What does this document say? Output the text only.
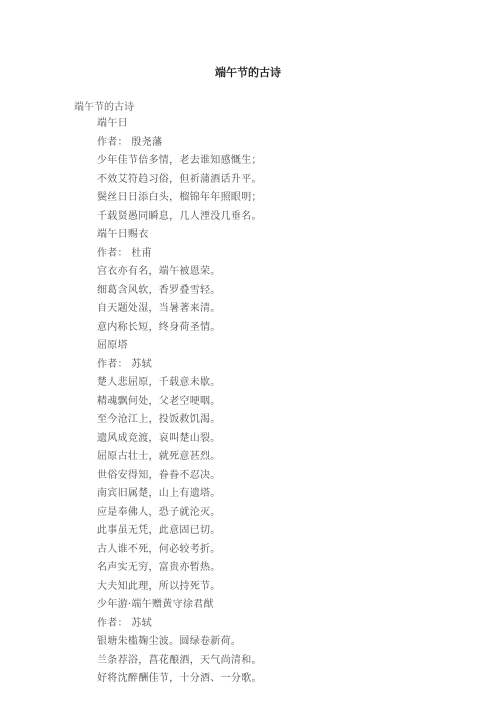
端午节的古诗
端午节的古诗
端午日
作者： 殷尧藩
少年佳节倍多情，老去谁知感慨生；
不效艾符趋习俗，但祈蒲酒话升平。
鬓丝日日添白头，榴锦年年照眼明；
千载贤愚同瞬息，几人湮没几垂名。
端午日赐衣
作者： 杜甫
宫衣亦有名，端午被恩荣。
细葛含风软，香罗叠雪轻。
自天题处湿，当暑著来清。
意内称长短，终身荷圣情。
屈原塔
作者： 苏轼
楚人悲屈原，千载意未歇。
精魂飘何处，父老空哽咽。
至今沧江上，投饭救饥渴。
遗风成竞渡，哀叫楚山裂。
屈原古壮士，就死意甚烈。
世俗安得知，眷眷不忍决。
南宾旧属楚，山上有遗塔。
应是奉佛人，恐子就沦灭。
此事虽无凭，此意固已切。
古人谁不死，何必较考折。
名声实无穷，富贵亦暂热。
大夫知此理，所以持死节。
少年游·端午赠黄守徐君猷
作者： 苏轼
银塘朱槛麹尘波。圆绿卷新荷。
兰条荐浴，菖花酿酒，天气尚清和。
好将沈醉酬佳节，十分酒、一分歌。
